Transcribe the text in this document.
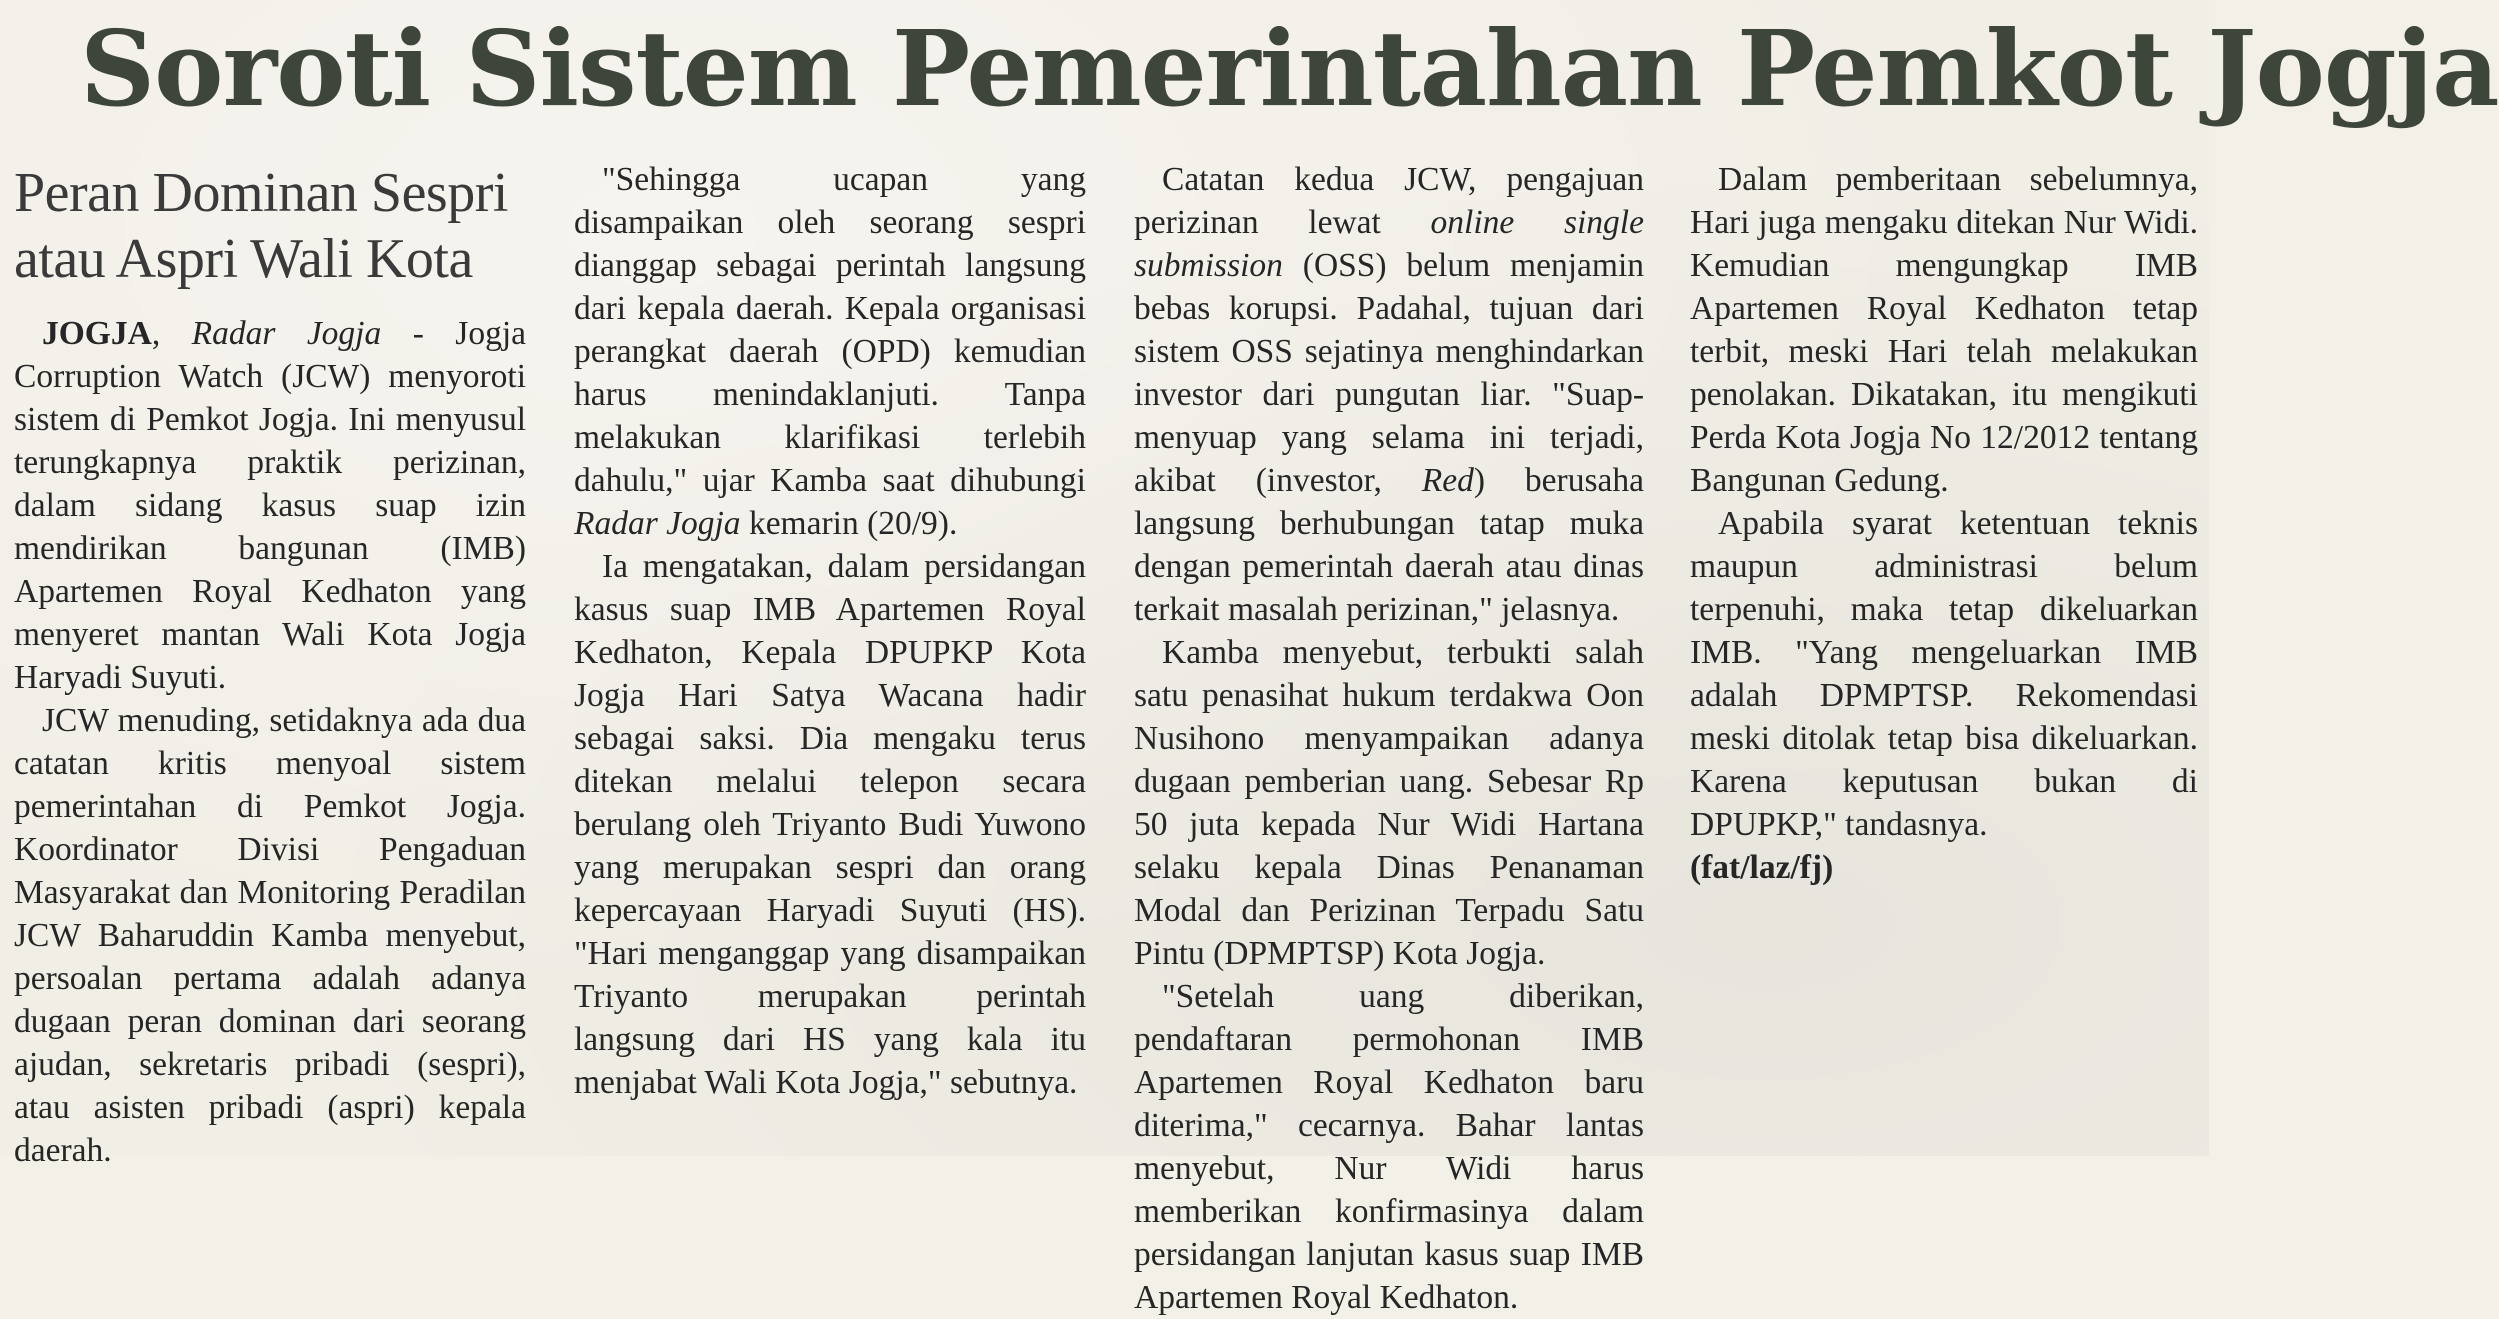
Soroti Sistem Pemerintahan Pemkot Jogja
Peran Dominan Sespri atau Aspri Wali Kota

JOGJA, Radar Jogja - Jogja Corruption Watch (JCW) menyoroti sistem di Pemkot Jogja. Ini menyusul terungkapnya praktik perizinan, dalam sidang kasus suap izin mendirikan bangunan (IMB) Apartemen Royal Kedhaton yang menyeret mantan Wali Kota Jogja Haryadi Suyuti.

JCW menuding, setidaknya ada dua catatan kritis menyoal sistem pemerintahan di Pemkot Jogja. Koordinator Divisi Pengaduan Masyarakat dan Monitoring Peradilan JCW Baharuddin Kamba menyebut, persoalan pertama adalah adanya dugaan peran dominan dari seorang ajudan, sekretaris pribadi (sespri), atau asisten pribadi (aspri) kepala daerah.

"Sehingga ucapan yang disampaikan oleh seorang sespri dianggap sebagai perintah langsung dari kepala daerah. Kepala organisasi perangkat daerah (OPD) kemudian harus menindaklanjuti. Tanpa melakukan klarifikasi terlebih dahulu," ujar Kamba saat dihubungi Radar Jogja kemarin (20/9).

Ia mengatakan, dalam persidangan kasus suap IMB Apartemen Royal Kedhaton, Kepala DPUPKP Kota Jogja Hari Satya Wacana hadir sebagai saksi. Dia mengaku terus ditekan melalui telepon secara berulang oleh Triyanto Budi Yuwono yang merupakan sespri dan orang kepercayaan Haryadi Suyuti (HS). "Hari menganggap yang disampaikan Triyanto merupakan perintah langsung dari HS yang kala itu menjabat Wali Kota Jogja," sebutnya.

Catatan kedua JCW, pengajuan perizinan lewat online single submission (OSS) belum menjamin bebas korupsi. Padahal, tujuan dari sistem OSS sejatinya menghindarkan investor dari pungutan liar. "Suap-menyuap yang selama ini terjadi, akibat (investor, Red) berusaha langsung berhubungan tatap muka dengan pemerintah daerah atau dinas terkait masalah perizinan," jelasnya.

Kamba menyebut, terbukti salah satu penasihat hukum terdakwa Oon Nusihono menyampaikan adanya dugaan pemberian uang. Sebesar Rp 50 juta kepada Nur Widi Hartana selaku kepala Dinas Penanaman Modal dan Perizinan Terpadu Satu Pintu (DPMPTSP) Kota Jogja.

"Setelah uang diberikan, pendaftaran permohonan IMB Apartemen Royal Kedhaton baru diterima," cecarnya. Bahar lantas menyebut, Nur Widi harus memberikan konfirmasinya dalam persidangan lanjutan kasus suap IMB Apartemen Royal Kedhaton.

Dalam pemberitaan sebelumnya, Hari juga mengaku ditekan Nur Widi. Kemudian mengungkap IMB Apartemen Royal Kedhaton tetap terbit, meski Hari telah melakukan penolakan. Dikatakan, itu mengikuti Perda Kota Jogja No 12/2012 tentang Bangunan Gedung.

Apabila syarat ketentuan teknis maupun administrasi belum terpenuhi, maka tetap dikeluarkan IMB. "Yang mengeluarkan IMB adalah DPMPTSP. Rekomendasi meski ditolak tetap bisa dikeluarkan. Karena keputusan bukan di DPUPKP," tandasnya.

(fat/laz/fj)
